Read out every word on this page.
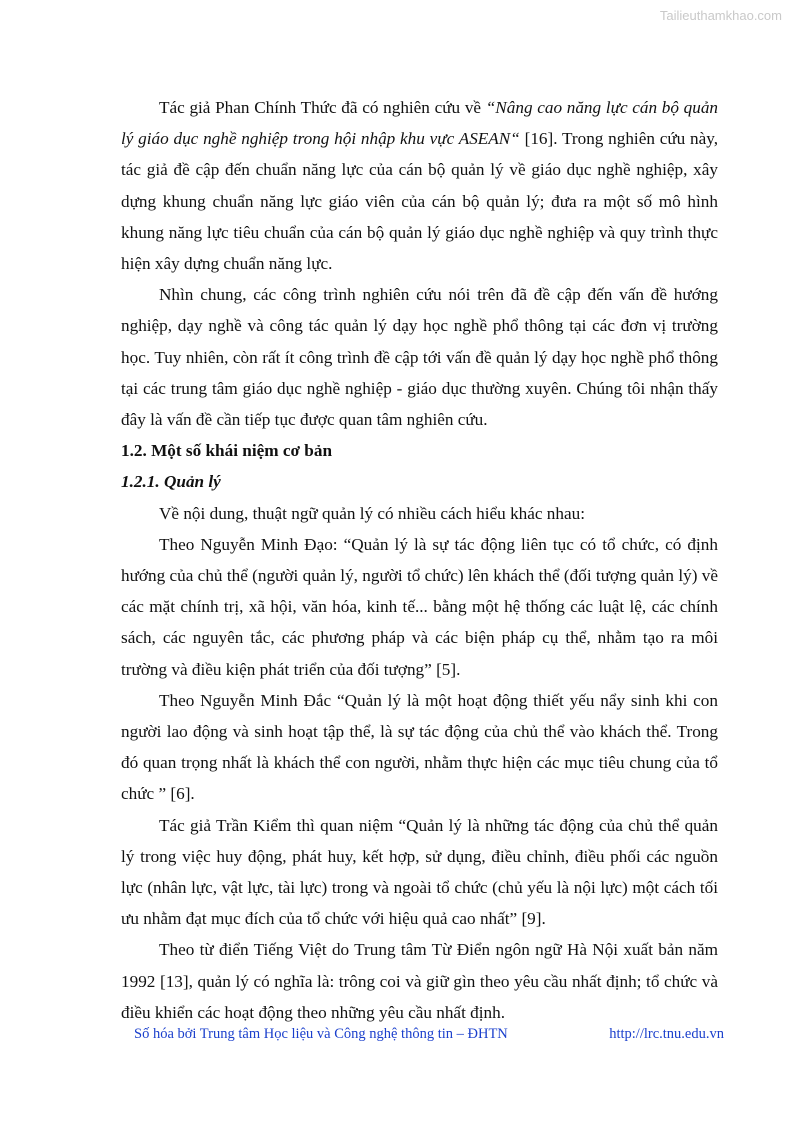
Tailieuthamkhao.com

Tác giả Phan Chính Thức đã có nghiên cứu về “Nâng cao năng lực cán bộ quản lý giáo dục nghề nghiệp trong hội nhập khu vực ASEAN“ [16]. Trong nghiên cứu này, tác giả đề cập đến chuẩn năng lực của cán bộ quản lý về giáo dục nghề nghiệp, xây dựng khung chuẩn năng lực giáo viên của cán bộ quản lý; đưa ra một số mô hình khung năng lực tiêu chuẩn của cán bộ quản lý giáo dục nghề nghiệp và quy trình thực hiện xây dựng chuẩn năng lực.

Nhìn chung, các công trình nghiên cứu nói trên đã đề cập đến vấn đề hướng nghiệp, dạy nghề và công tác quản lý dạy học nghề phổ thông tại các đơn vị trường học. Tuy nhiên, còn rất ít công trình đề cập tới vấn đề quản lý dạy học nghề phổ thông tại các trung tâm giáo dục nghề nghiệp - giáo dục thường xuyên. Chúng tôi nhận thấy đây là vấn đề cần tiếp tục được quan tâm nghiên cứu.

1.2. Một số khái niệm cơ bản

1.2.1. Quản lý

Về nội dung, thuật ngữ quản lý có nhiều cách hiểu khác nhau:

Theo Nguyễn Minh Đạo: “Quản lý là sự tác động liên tục có tổ chức, có định hướng của chủ thể (người quản lý, người tổ chức) lên khách thể (đối tượng quản lý) về các mặt chính trị, xã hội, văn hóa, kinh tế... bằng một hệ thống các luật lệ, các chính sách, các nguyên tắc, các phương pháp và các biện pháp cụ thể, nhằm tạo ra môi trường và điều kiện phát triển của đối tượng” [5].

Theo Nguyễn Minh Đắc “Quản lý là một hoạt động thiết yếu nẩy sinh khi con người lao động và sinh hoạt tập thể, là sự tác động của chủ thể vào khách thể. Trong đó quan trọng nhất là khách thể con người, nhằm thực hiện các mục tiêu chung của tổ chức ” [6].

Tác giả Trần Kiểm thì quan niệm “Quản lý là những tác động của chủ thể quản lý trong việc huy động, phát huy, kết hợp, sử dụng, điều chỉnh, điều phối các nguồn lực (nhân lực, vật lực, tài lực) trong và ngoài tổ chức (chủ yếu là nội lực) một cách tối ưu nhằm đạt mục đích của tổ chức với hiệu quả cao nhất” [9].

Theo từ điển Tiếng Việt do Trung tâm Từ Điển ngôn ngữ Hà Nội xuất bản năm 1992 [13], quản lý có nghĩa là: trông coi và giữ gìn theo yêu cầu nhất định; tổ chức và điều khiển các hoạt động theo những yêu cầu nhất định.

Số hóa bởi Trung tâm Học liệu và Công nghệ thông tin – ĐHTN	http://lrc.tnu.edu.vn
